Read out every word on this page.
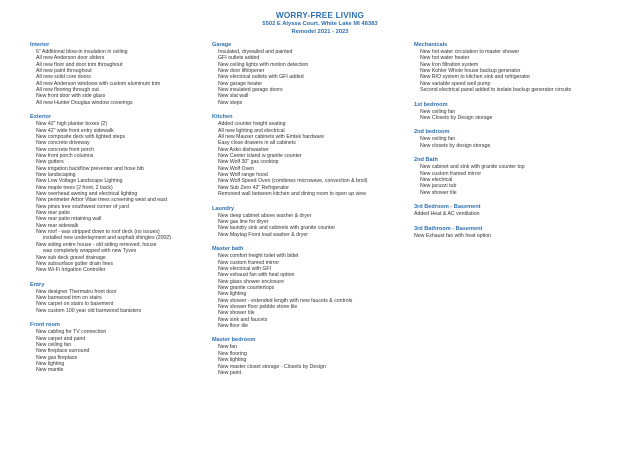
WORRY-FREE LIVING
5502 E Alyssa Court, White Lake MI 48383
Remodel 2021 - 2023
Interior
6" Additional blow-in insulation in ceiling
All new Anderson door sliders
All new floor and door trim throughout
All new paint throughout
All new solid core doors
All new Anderson windows with custom aluminum trim
All new flooring through out
New front door with side glass
All new Hunter Douglas window coverings
Exterior
New 42" high planter boxes (2)
New 42" wide front entry sidewalk
New composite deck with lighted steps
New concrete driveway
New concrete front porch
New front porch columns
New gutters
New irrigation backflow preventer and hose bib
New landscaping
New Low Voltage Landscape Lighting
New maple trees (2 front, 2 back)
New overhead awning and electrical lighting
New perimeter Arbor Vitae trees screening west and east
New pines tree southwest corner of yard
New rear patio
New rear patio retaining wall
New rear sidewalk
New roof - was stripped down to roof deck (no issues)
installed new underlayment and asphalt shingles (2002)
New siding entire house - old siding removed, house
was completely wrapped with new Tyvex
New sub deck gravel drainage
New subsurface gutter drain lines
New Wi-Fi Irrigation Controller
Entry
New designer Thermatru front door
New barnwood trim on stairs
New carpet on stairs to basement
New custom 100 year old barnwood banisters
Front room
New cabling for TV connection
New carpet and paint
New ceiling fan
New fireplace surround
New gas fireplace
New lighting
New mantle
Garage
Insulated, drywalled and painted
GFI outlets added
New ceiling lights with motion detection
New door lift/opener
New electrical outlets with GFI added
New garage heater
New insulated garage doors
New slat wall
New steps
Kitchen
Added counter height seating
All new lighting and electrical
All new Mauser cabinets with Emtek hardware
Easy close drawers in all cabinets
New Asko dishwasher
New Center island w granite counter
New Wolf 30" gas cooktop
New Wolf Oven
New Wolf range hood
New Wolf Speed Oven (combines microwave, convection & broil)
New Sub Zero 42" Refrigerator
Removed wall between kitchen and dining room to open up view
Laundry
New deep cabinet above washer & dryer
New gas line for dryer
New laundry sink and cabinets with granite counter
New Maytag Front load washer & dryer
Master bath
New comfort height toilet with bidet
New custom framed mirror
New electrical with GFI
New exhaust fan with heat option
New glass shower enclosure
New granite countertops
New lighting
New shower - extended length with new faucets & controls
New shower floor pebble stone tile
New shower tile
New sink and faucets
New floor tile
Master bedroom
New fan
New flooring
New lighting
New master closet storage - Closets by Design
New paint
Mechanicals
New hot water circulation to master shower
New hot water heater
New Iron filtration system
New Kohler Whole house backup generator
New R/O system to kitchen sink and refrigerator
New variable speed well pump
Second electrical panel added to isolate backup generator circuits
1st bedroom
New ceiling fan
New Closets by Design storage
2nd bedroom
New ceiling fan
New closets by design storage
2nd Bath
New cabinet and sink with granite counter top
New custom framed mirror
New electrical
New jacuzzi tub
New shower tile
3rd Bedroom - Basement
Added Heat & AC ventilation
3rd Bathroom - Basement
New Exhaust fan with heat option
